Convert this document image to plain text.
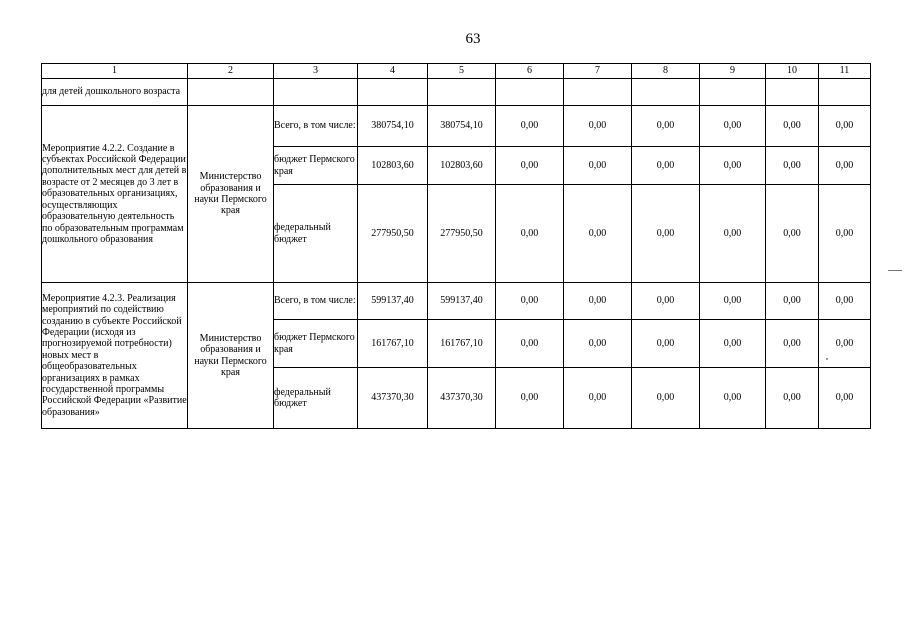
63
1	2	3	4	5	6	7	8	9	10	11
для детей дошкольного возраста										
Мероприятие 4.2.2. Создание в субъектах Российской Федерации дополнительных мест для детей в возрасте от 2 месяцев до 3 лет в образовательных организациях, осуществляющих образовательную деятельность по образовательным программам дошкольного образования	Министерство образования и науки Пермского края	Всего, в том числе:	380754,10	380754,10	0,00	0,00	0,00	0,00	0,00	0,00
		бюджет Пермского края	102803,60	102803,60	0,00	0,00	0,00	0,00	0,00	0,00
		федеральный бюджет	277950,50	277950,50	0,00	0,00	0,00	0,00	0,00	0,00
Мероприятие 4.2.3. Реализация мероприятий по содействию созданию в субъекте Российской Федерации (исходя из прогнозируемой потребности) новых мест в общеобразовательных организациях в рамках государственной программы Российской Федерации «Развитие образования»	Министерство образования и науки Пермского края	Всего, в том числе:	599137,40	599137,40	0,00	0,00	0,00	0,00	0,00	0,00
		бюджет Пермского края	161767,10	161767,10	0,00	0,00	0,00	0,00	0,00	0,00
		федеральный бюджет	437370,30	437370,30	0,00	0,00	0,00	0,00	0,00	0,00
